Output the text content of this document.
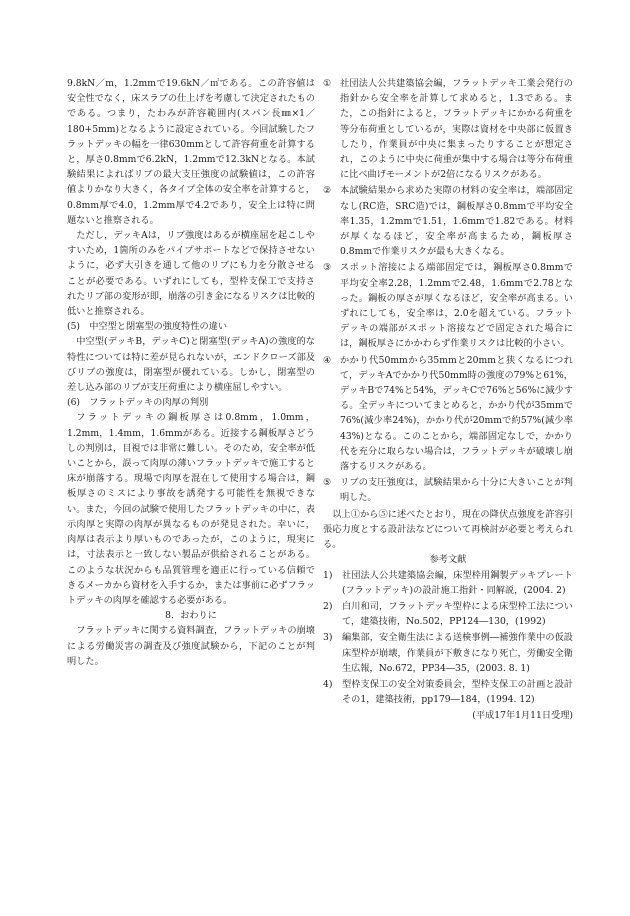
9.8kN／m，1.2mmで19.6kN／㎡である。この許容値は安全性でなく，床スラブの仕上げを考慮して決定されたものである。つまり，たわみが許容範囲内(スパン長㎜×1／180+5mm)となるように設定されている。今回試験したフラットデッキの幅を一律630mmとして許容荷重を計算すると，厚さ0.8mmで6.2kN，1.2mmで12.3kNとなる。本試験結果によればリブの最大支圧強度の試験値は，この許容値よりかなり大きく，各タイプ全体の安全率を計算すると，0.8mm厚で4.0，1.2mm厚で4.2であり，安全上は特に問題ないと推察される。

ただし，デッキAは，リブ強度はあるが横座屈を起こしやすいため，1箇所のみをパイプサポートなどで保持させないように，必ず大引きを通して他のリブにも力を分散させることが必要である。いずれにしても，型枠支保工で支持されたリブ部の変形が即，崩落の引き金になるリスクは比較的低いと推察される。

(5)　中空型と閉塞型の強度特性の違い

中空型(デッキB，デッキC)と閉塞型(デッキA)の強度的な特性については特に差が見られないが，エンドクローズ部及びリブの強度は，閉塞型が優れている。しかし，閉塞型の差し込み部のリブが支圧荷重により横座屈しやすい。

(6)　フラットデッキの肉厚の判別

フラットデッキの鋼板厚さは0.8mm，1.0mm，1.2mm，1.4mm，1.6mmがある。近接する鋼板厚さどうしの判別は，目視では非常に難しい。そのため，安全率が低いことから，誤って肉厚の薄いフラットデッキで施工すると床が崩落する。現場で肉厚を混在して使用する場合は，鋼板厚さのミスにより事故を誘発する可能性を無視できない。また，今回の試験で使用したフラットデッキの中に，表示肉厚と実際の肉厚が異なるものが発見された。幸いに，肉厚は表示より厚いものであったが，このように，現実には，寸法表示と一致しない製品が供給されることがある。このような状況からも品質管理を適正に行っている信頼できるメーカから資材を入手するか，または事前に必ずフラットデッキの肉厚を確認する必要がある。

8．おわりに

フラットデッキに関する資料調査，フラットデッキの崩壊による労働災害の調査及び強度試験から，下記のことが判明した。

① 社団法人公共建築協会編，フラットデッキ工業会発行の指針から安全率を計算して求めると，1.3である。また，この指針によると，フラットデッキにかかる荷重を等分布荷重としているが，実際は資材を中央部に仮置きしたり，作業員が中央に集まったりすることが想定され，このように中央に荷重が集中する場合は等分布荷重に比べ曲げモーメントが2倍になるリスクがある。
② 本試験結果から求めた実際の材料の安全率は，端部固定なし(RC造，SRC造)では，鋼板厚さ0.8mmで平均安全率1.35，1.2mmで1.51，1.6mmで1.82である。材料が厚くなるほど，安全率が高まるため，鋼板厚さ0.8mmで作業リスクが最も大きくなる。
③ スポット溶接による端部固定では，鋼板厚さ0.8mmで平均安全率2.28，1.2mmで2.48，1.6mmで2.78となった。鋼板の厚さが厚くなるほど，安全率が高まる。いずれにしても，安全率は，2.0を超えている。フラットデッキの端部がスポット溶接などで固定された場合には，鋼板厚さにかかわらず作業リスクは比較的小さい。
④ かかり代50mmから35mmと20mmと狭くなるにつれて，デッキAでかかり代50mm時の強度の79%と61%，デッキBで74%と54%，デッキCで76%と56%に減少する。全デッキについてまとめると，かかり代が35mmで76%(減少率24%)，かかり代が20mmで約57%(減少率43%)となる。このことから，端部固定なしで，かかり代を充分に取らない場合は，フラットデッキが破壊し崩落するリスクがある。
⑤ リブの支圧強度は，試験結果から十分に大きいことが判明した。

以上①から⑤に述べたとおり，現在の降伏点強度を許容引張応力度とする設計法などについて再検討が必要と考えられる。

参考文献

1)	社団法人公共建築協会編，床型枠用鋼製デッキプレート(フラットデッキ)の設計施工指針・同解説，(2004. 2)
2)	白川和司，フラットデッキ型枠による床型枠工法について，建築技術，No.502，PP124―130，(1992)
3)	編集部，安全衛生法による送検事例―補強作業中の仮設床型枠が崩壊，作業員が下敷きになり死亡，労働安全衛生広報，No.672，PP34―35，(2003. 8. 1)
4)	型枠支保工の安全対策委員会，型枠支保工の計画と設計その1，建築技術，pp179―184，(1994. 12)

(平成17年1月11日受理)
